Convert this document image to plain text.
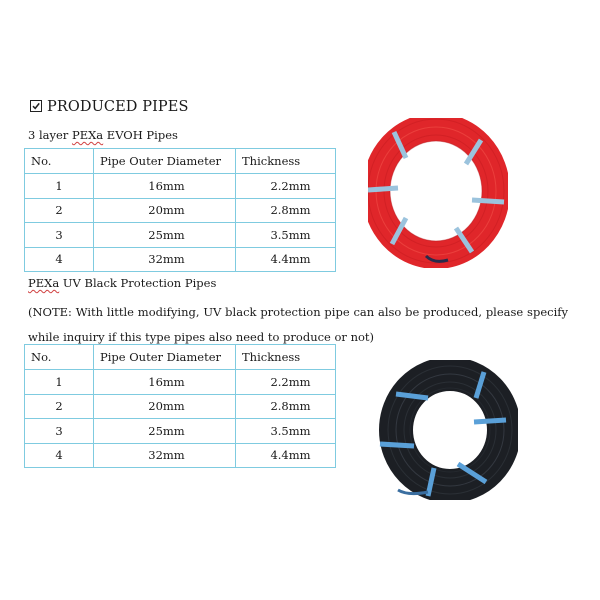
PRODUCED PIPES
3 layer PEXa EVOH Pipes
No.	Pipe Outer Diameter	Thickness
1	16mm	2.2mm
2	20mm	2.8mm
3	25mm	3.5mm
4	32mm	4.4mm
PEXa UV Black Protection Pipes
(NOTE: With little modifying, UV black protection pipe can also be produced, please specify while inquiry if this type pipes also need to produce or not)
No.	Pipe Outer Diameter	Thickness
1	16mm	2.2mm
2	20mm	2.8mm
3	25mm	3.5mm
4	32mm	4.4mm
